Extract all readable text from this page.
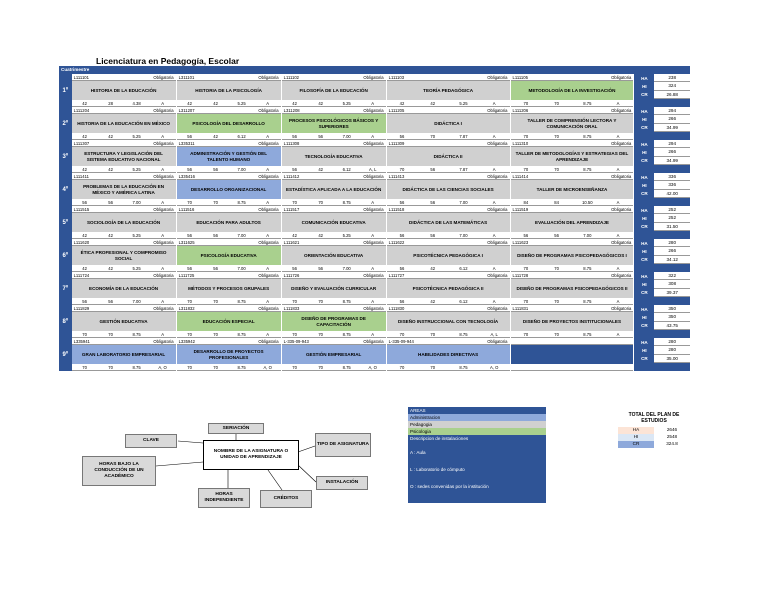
Licenciatura en Pedagogía, Escolar
Cuatrimestre
1º
L111101	Obligatoria
HISTORIA DE LA EDUCACIÓN
42	28	4.38	A
L311101	Obligatoria
HISTORIA DE LA PSICOLOGÍA
42	42	5.25	A
L111102	Obligatoria
FILOSOFÍA DE LA EDUCACIÓN
42	42	5.25	A
L111103	Obligatoria
TEORÍA PEDAGÓGICA
42	42	5.25	A
L111105	Obligatoria
METODOLOGÍA DE LA INVESTIGACIÓN
70	70	8.75	A
HA	238
HI	324
CR	26.88
2º
L111204	Obligatoria
HISTORIA DE LA EDUCACIÓN EN MÉXICO
42	42	5.25	A
L311207	Obligatoria
PSICOLOGÍA DEL DESARROLLO
56	42	6.12	A
L311208	Obligatoria
PROCESOS PSICOLÓGICOS BÁSICOS Y SUPERIORES
56	56	7.00	A
L111205	Obligatoria
DIDÁCTICA I
56	70	7.87	A
L111206	Obligatoria
TALLER DE COMPRENSIÓN LECTORA Y COMUNICACIÓN ORAL
70	70	8.75	A
HA	294
HI	266
CR	34.99
3º
L111307	Obligatoria
ESTRUCTURA Y LEGISLACIÓN DEL SISTEMA EDUCATIVO NACIONAL
42	42	5.25	A
L335311	Obligatoria
ADMINISTRACIÓN Y GESTIÓN DEL TALENTO HUMANO
56	56	7.00	A
L111308	Obligatoria
TECNOLOGÍA EDUCATIVA
56	42	6.12	A, L
L111309	Obligatoria
DIDÁCTICA II
70	56	7.87	A
L111310	Obligatoria
TALLER DE METODOLOGÍAS Y ESTRATEGIAS DEL APRENDIZAJE
70	70	8.75	A
HA	294
HI	266
CR	34.99
4º
L111411	Obligatoria
PROBLEMAS DE LA EDUCACIÓN EN MÉXICO Y AMÉRICA LATINA
56	56	7.00	A
L335416	Obligatoria
DESARROLLO ORGANIZACIONAL
70	70	8.75	A
L111412	Obligatoria
ESTADÍSTICA APLICADA A LA EDUCACIÓN
70	70	8.75	A
L111413	Obligatoria
DIDÁCTICA DE LAS CIENCIAS SOCIALES
56	56	7.00	A
L111414	Obligatoria
TALLER DE MICROENSEÑANZA
84	84	10.50	A
HA	336
HI	336
CR	42.00
5º
L111515	Obligatoria
SOCIOLOGÍA DE LA EDUCACIÓN
42	42	5.25	A
L111516	Obligatoria
EDUCACIÓN PARA ADULTOS
56	56	7.00	A
L111517	Obligatoria
COMUNICACIÓN EDUCATIVA
42	42	5.25	A
L111518	Obligatoria
DIDÁCTICA DE LAS MATEMÁTICAS
56	56	7.00	A
L111519	Obligatoria
EVALUACIÓN DEL APRENDIZAJE
56	56	7.00	A
HA	252
HI	252
CR	31.50
6º
L111620	Obligatoria
ÉTICA PROFESIONAL Y COMPROMISO SOCIAL
42	42	5.25	A
L311625	Obligatoria
PSICOLOGÍA EDUCATIVA
56	56	7.00	A
L111621	Obligatoria
ORIENTACIÓN EDUCATIVA
56	56	7.00	A
L111622	Obligatoria
PSICOTÉCNICA PEDAGÓGICA I
56	42	6.12	A
L111623	Obligatoria
DISEÑO DE PROGRAMAS PSICOPEDAGÓGICOS I
70	70	8.75	A
HA	280
HI	266
CR	34.12
7º
L111724	Obligatoria
ECONOMÍA DE LA EDUCACIÓN
56	56	7.00	A
L111725	Obligatoria
MÉTODOS Y PROCESOS GRUPALES
70	70	8.75	A
L111726	Obligatoria
DISEÑO Y EVALUACIÓN CURRICULAR
70	70	8.75	A
L111727	Obligatoria
PSICOTÉCNICA PEDAGÓGICA II
56	42	6.12	A
L111728	Obligatoria
DISEÑO DE PROGRAMAS PSICOPEDAGÓGICOS II
70	70	8.75	A
HA	322
HI	308
CR	39.37
8º
L111829	Obligatoria
GESTIÓN EDUCATIVA
70	70	8.75	A
L311832	Obligatoria
EDUCACIÓN ESPECIAL
70	70	8.75	A
L111833	Obligatoria
DISEÑO DE PROGRAMAS DE CAPACITACIÓN
70	70	8.75	A
L111830	Obligatoria
DISEÑO INSTRUCCIONAL CON TECNOLOGÍA
70	70	8.75	A, L
L111831	Obligatoria
DISEÑO DE PROYECTOS INSTITUCIONALES
70	70	8.75	A
HA	350
HI	350
CR	43.75
9º
L335941	Obligatoria
GRAN LABORATORIO EMPRESARIAL
70	70	8.75	A, O
L335942	Obligatoria
DESARROLLO DE PROYECTOS PROFESIONALES
70	70	8.75	A, O
L-335-09-943	Obligatoria
GESTIÓN EMPRESARIAL
70	70	8.75	A, O
L-335-09-944	Obligatoria
HABILIDADES DIRECTIVAS
70	70	8.75	A, O
HA	280
HI	280
CR	35.00
CLAVE
SERIACIÓN
NOMBRE DE LA ASIGNATURA O UNIDAD DE APRENDIZAJE
TIPO DE ASIGNATURA
HORAS BAJO LA CONDUCCIÓN DE UN ACADÉMICO
HORAS INDEPENDIENTE	CRÉDITOS
INSTALACIÓN
AREAS
Administracion
Pedagogia
Psicologia
Descripcion de instalaciones
A : Aula
L : Laboratorio de cómputo
O : sedes convenidas por la institución
TOTAL DEL PLAN DE ESTUDIOS
HA	2646
HI	2548
CR	324.8
